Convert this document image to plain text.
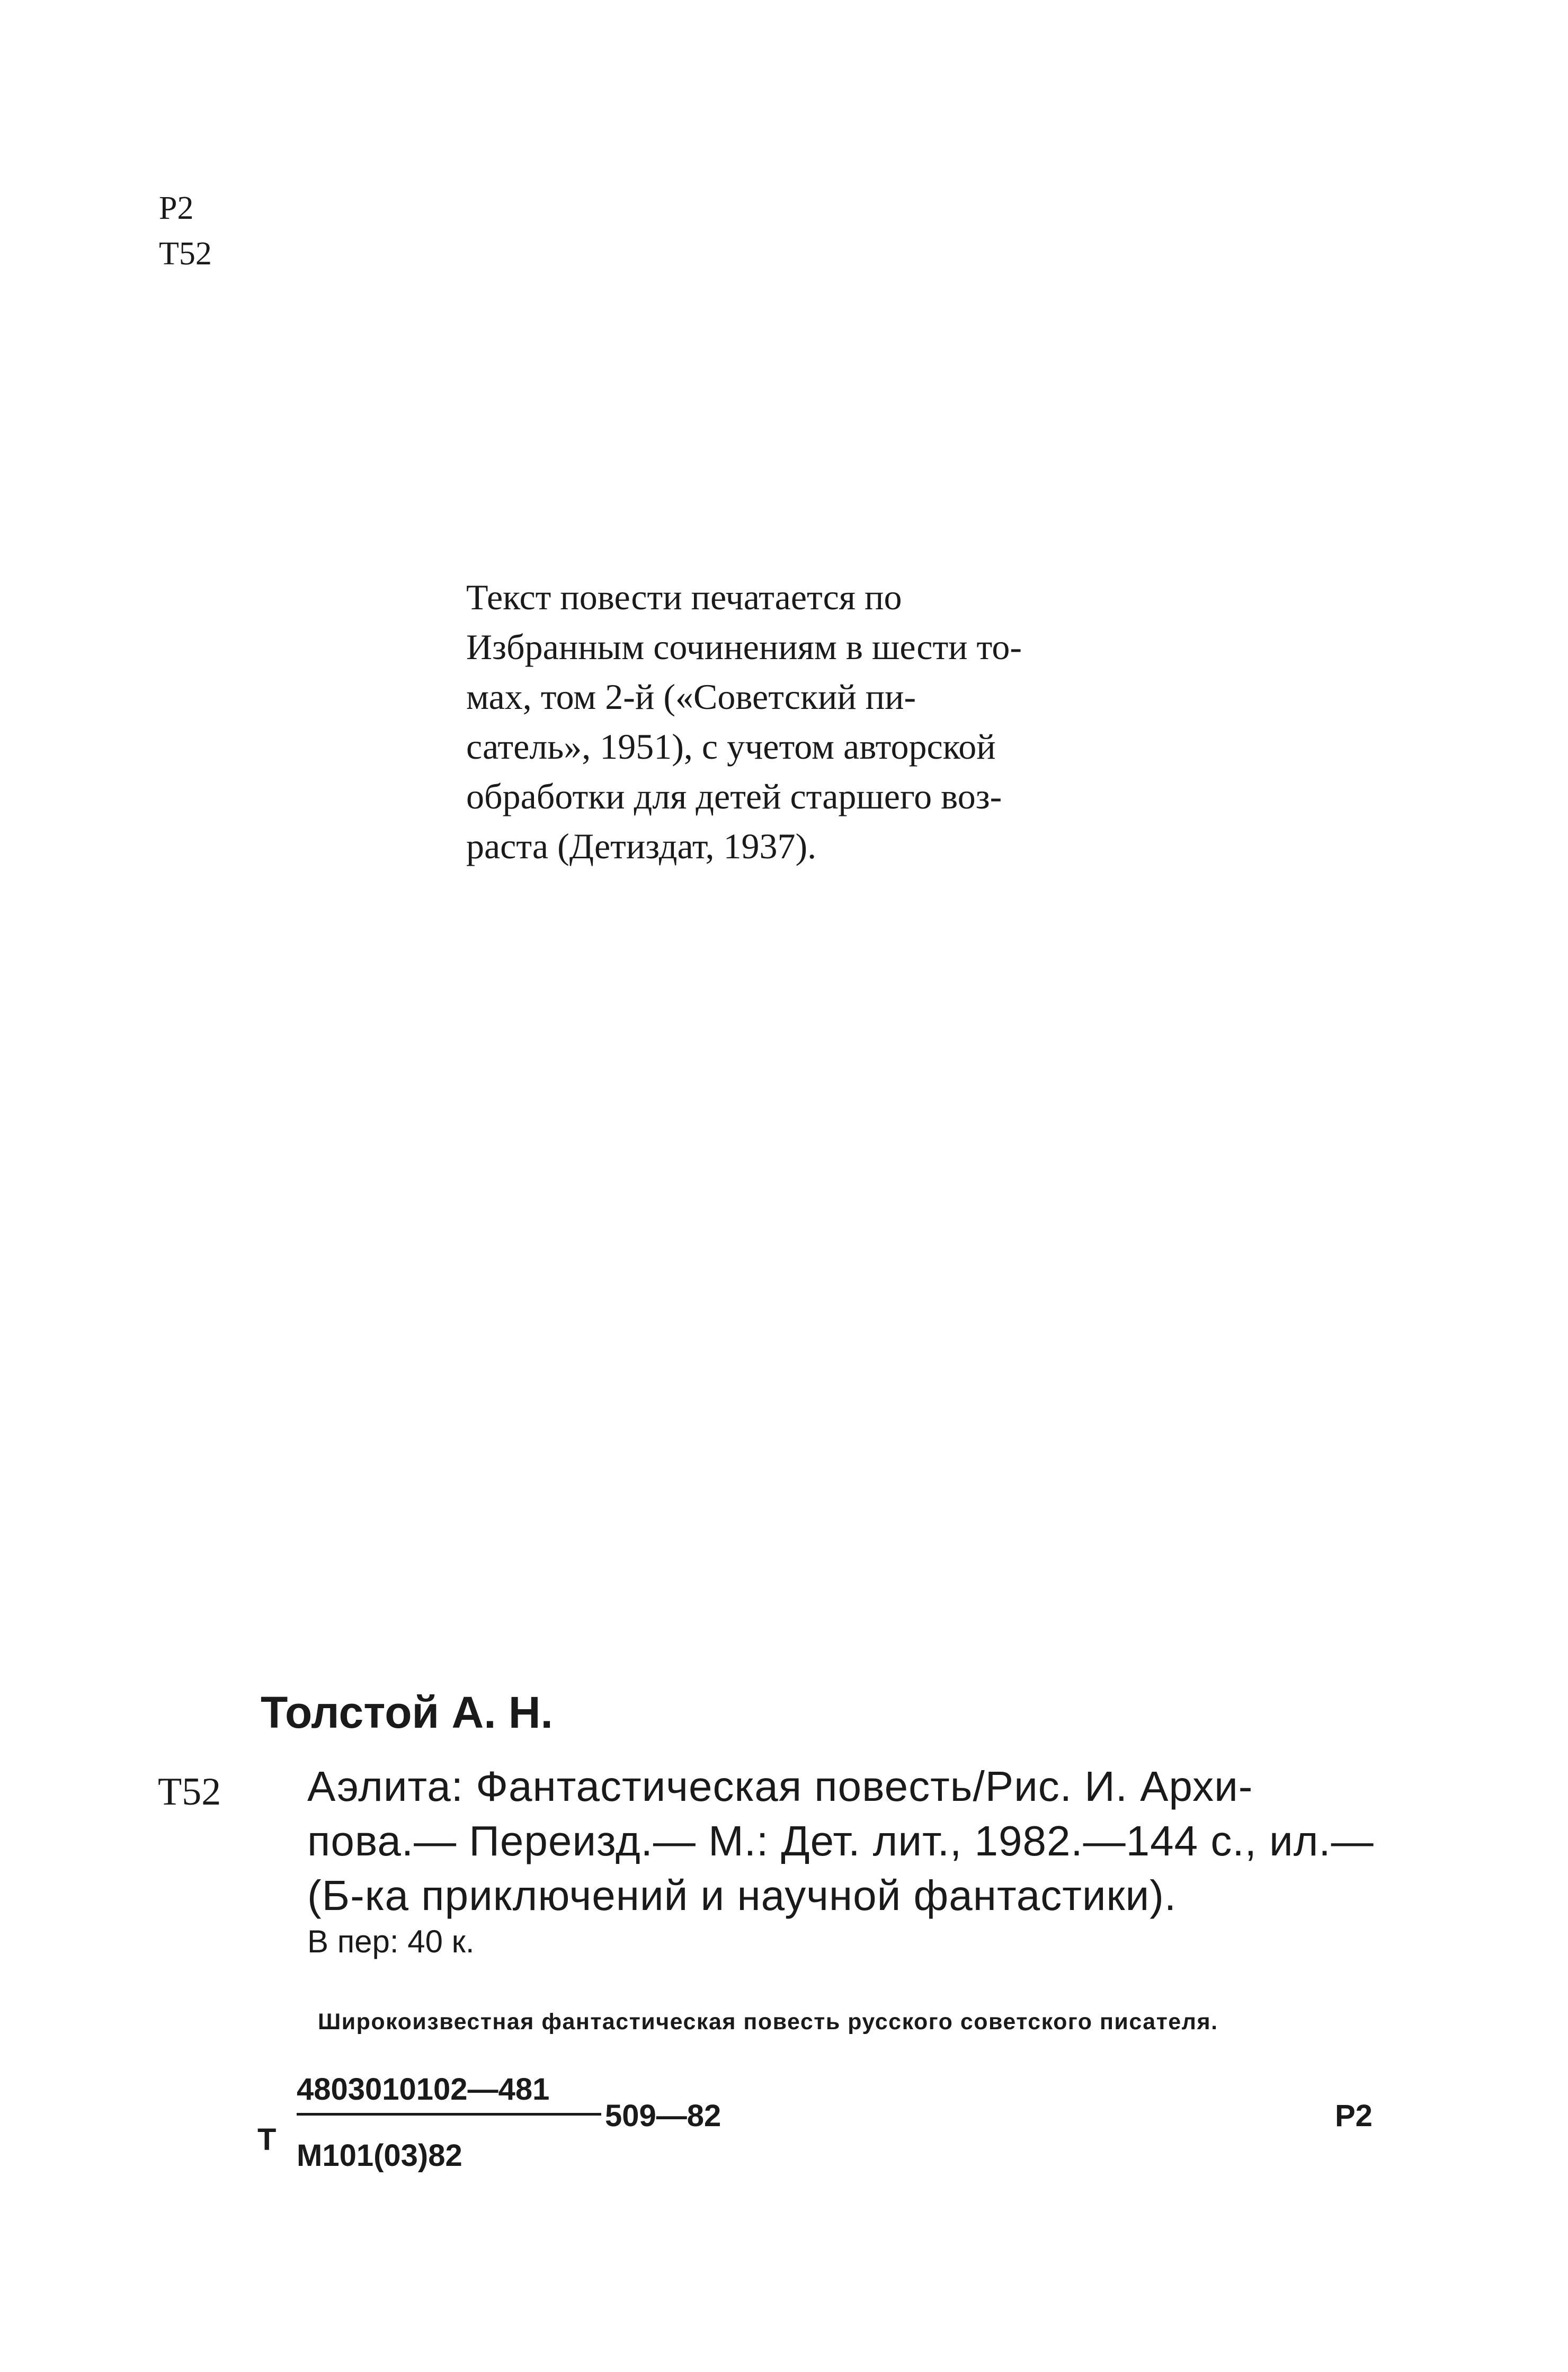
Р2
Т52
Текст повести печатается по
Избранным сочинениям в шести то-
мах, том 2-й («Советский пи-
сатель», 1951), с учетом авторской
обработки для детей старшего воз-
раста (Детиздат, 1937).
Толстой А. Н.
Т52 Аэлита: Фантастическая повесть/Рис. И. Архи-
пова.— Переизд.— М.: Дет. лит., 1982.—144 с., ил.—
(Б-ка приключений и научной фантастики).
В пер: 40 к.
Широкоизвестная фантастическая повесть русского советского писателя.
Т
4803010102—481
М101(03)82
509—82	Р2
